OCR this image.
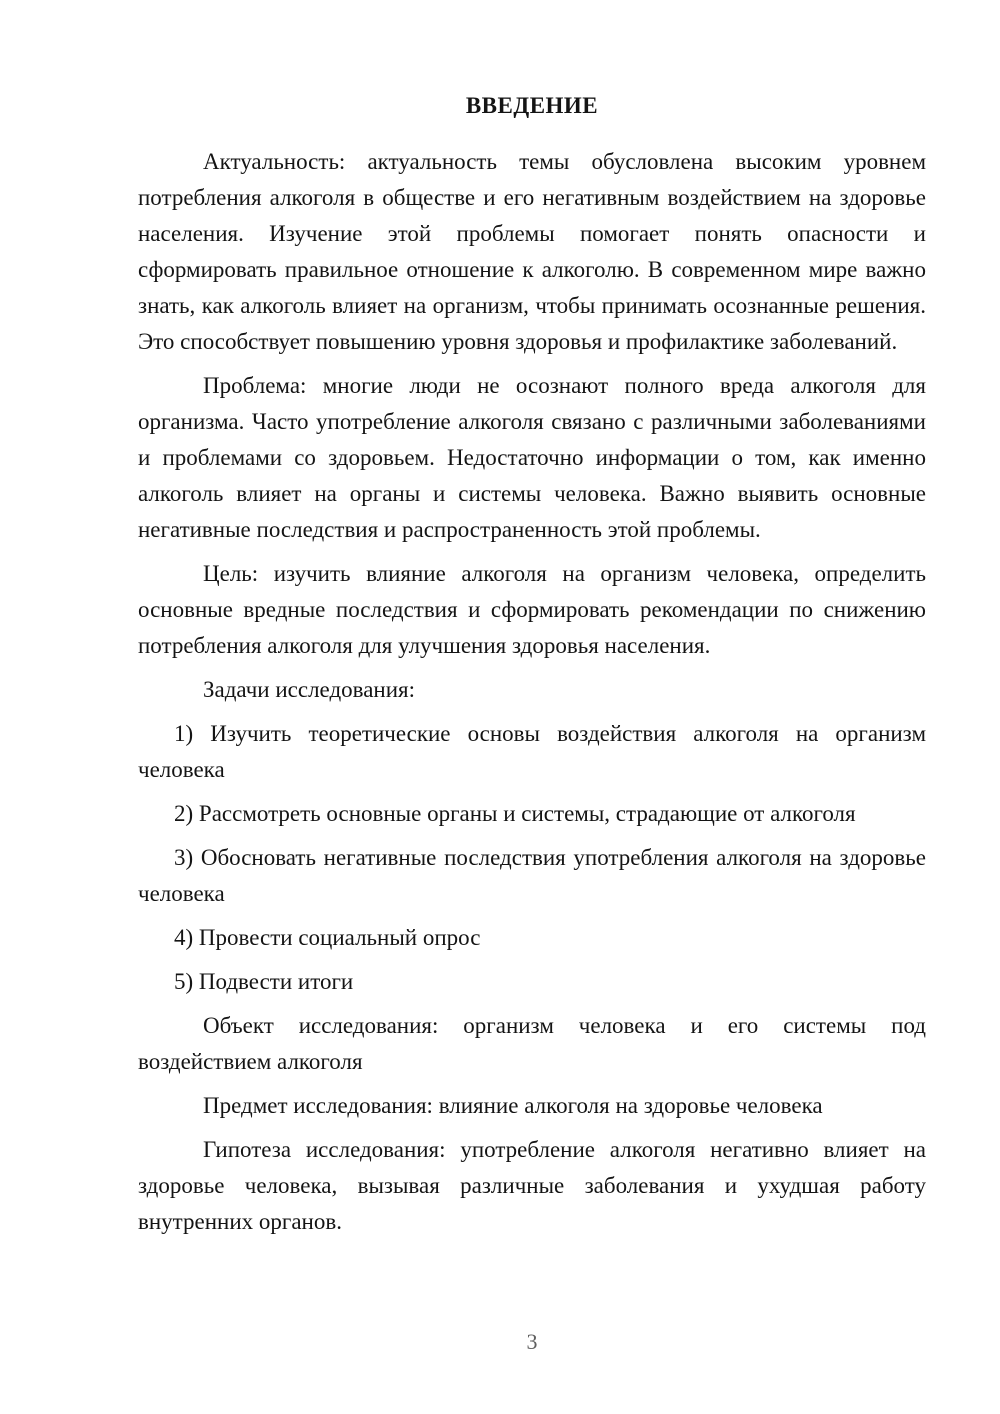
ВВЕДЕНИЕ

Актуальность: актуальность темы обусловлена высоким уровнем потребления алкоголя в обществе и его негативным воздействием на здоровье населения. Изучение этой проблемы помогает понять опасности и сформировать правильное отношение к алкоголю. В современном мире важно знать, как алкоголь влияет на организм, чтобы принимать осознанные решения. Это способствует повышению уровня здоровья и профилактике заболеваний.

Проблема: многие люди не осознают полного вреда алкоголя для организма. Часто употребление алкоголя связано с различными заболеваниями и проблемами со здоровьем. Недостаточно информации о том, как именно алкоголь влияет на органы и системы человека. Важно выявить основные негативные последствия и распространенность этой проблемы.

Цель: изучить влияние алкоголя на организм человека, определить основные вредные последствия и сформировать рекомендации по снижению потребления алкоголя для улучшения здоровья населения.

Задачи исследования:

1) Изучить теоретические основы воздействия алкоголя на организм человека

2) Рассмотреть основные органы и системы, страдающие от алкоголя

3) Обосновать негативные последствия употребления алкоголя на здоровье человека

4) Провести социальный опрос

5) Подвести итоги

Объект исследования: организм человека и его системы под воздействием алкоголя

Предмет исследования: влияние алкоголя на здоровье человека

Гипотеза исследования: употребление алкоголя негативно влияет на здоровье человека, вызывая различные заболевания и ухудшая работу внутренних органов.

3
